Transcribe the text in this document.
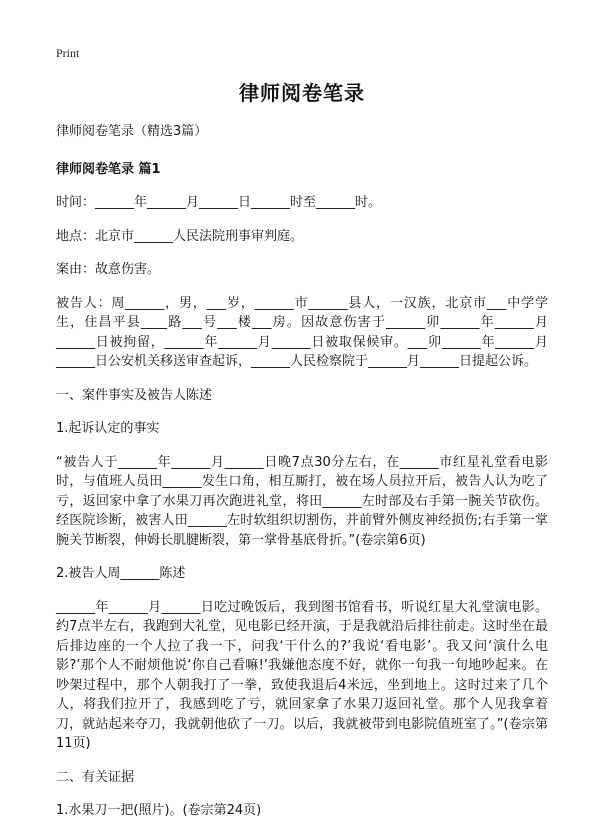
Print
律师阅卷笔录

律师阅卷笔录（精选3篇）

律师阅卷笔录 篇1

时间：______年______月______日______时至______时。

地点：北京市______人民法院刑事审判庭。

案由：故意伤害。

被告人：周______，男，___岁，______市______县人，一汉族，北京市___中学学生，住昌平县____路___号___楼___房。因故意伤害于______卯______年______月______日被拘留，______年______月______日被取保候审。___卯______年______月______日公安机关移送审查起诉，______人民检察院于______月______日提起公诉。

一、案件事实及被告人陈述

1.起诉认定的事实

“被告人于______年______月______日晚7点30分左右，在______市红星礼堂看电影时，与值班人员田______发生口角，相互厮打，被在场人员拉开后，被告人认为吃了亏，返回家中拿了水果刀再次跑进礼堂，将田______左时部及右手第一腕关节砍伤。经医院诊断，被害人田______左时软组织切割伤，并前臂外侧皮神经损伤;右手第一掌腕关节断裂，伸姆长肌腱断裂，第一掌骨基底骨折。”(卷宗第6页)

2.被告人周______陈述

______年______月______日吃过晚饭后，我到图书馆看书，听说红星大礼堂演电影。约7点半左右，我跑到大礼堂，见电影已经开演，于是我就沿后排往前走。这时坐在最后排边座的一个人拉了我一下，问我‘干什么的?’我说‘看电影’。我又问‘演什么电影?’那个人不耐烦他说‘你自己看嘛!’我嫌他态度不好，就你一句我一句地吵起来。在吵架过程中，那个人朝我打了一拳，致使我退后4米远，坐到地上。这时过来了几个人，将我们拉开了，我感到吃了亏，就回家拿了水果刀返回礼堂。那个人见我拿着刀，就站起来夺刀，我就朝他砍了一刀。以后，我就被带到电影院值班室了。”(卷宗第11页)

二、有关证据

1.水果刀一把(照片)。(卷宗第24页)
